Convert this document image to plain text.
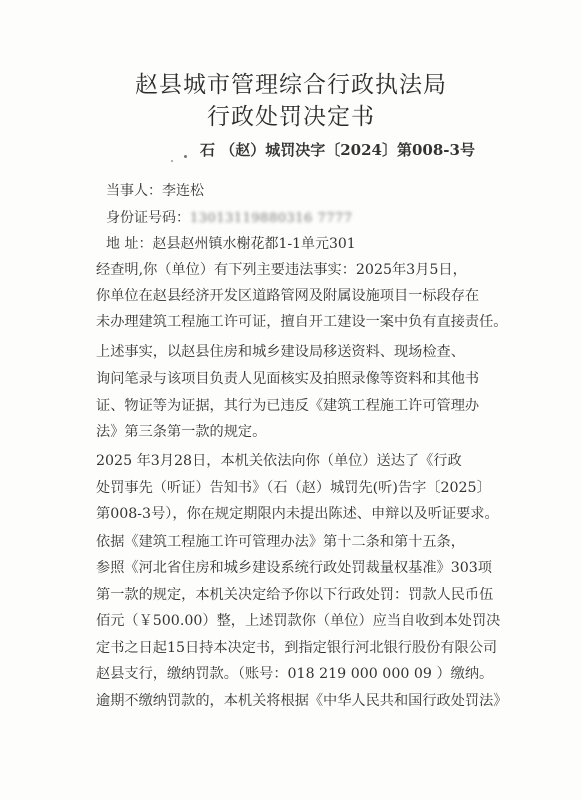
赵县城市管理综合行政执法局
行政处罚决定书
石 （赵）城罚决字〔2024〕第008-3号
当事人：李连松
身份证号码：13013119880316 7777
地 址：赵县赵州镇水榭花都1-1单元301
经查明,你（单位）有下列主要违法事实：2025年3月5日，
你单位在赵县经济开发区道路管网及附属设施项目一标段存在
未办理建筑工程施工许可证，擅自开工建设一案中负有直接责任。
上述事实，以赵县住房和城乡建设局移送资料、现场检查、
询问笔录与该项目负责人见面核实及拍照录像等资料和其他书
证、物证等为证据，其行为已违反《建筑工程施工许可管理办
法》第三条第一款的规定。
2025 年3月28日，本机关依法向你（单位）送达了《行政
处罚事先（听证）告知书》（石（赵）城罚先(听)告字〔2025〕
第008-3号），你在规定期限内未提出陈述、申辩以及听证要求。
依据《建筑工程施工许可管理办法》第十二条和第十五条，
参照《河北省住房和城乡建设系统行政处罚裁量权基准》303项
第一款的规定，本机关决定给予你以下行政处罚：罚款人民币伍
佰元（￥500.00）整，上述罚款你（单位）应当自收到本处罚决
定书之日起15日持本决定书，到指定银行河北银行股份有限公司
赵县支行，缴纳罚款。（账号：018 219 000 000 09 ）缴纳。
逾期不缴纳罚款的，本机关将根据《中华人民共和国行政处罚法》
